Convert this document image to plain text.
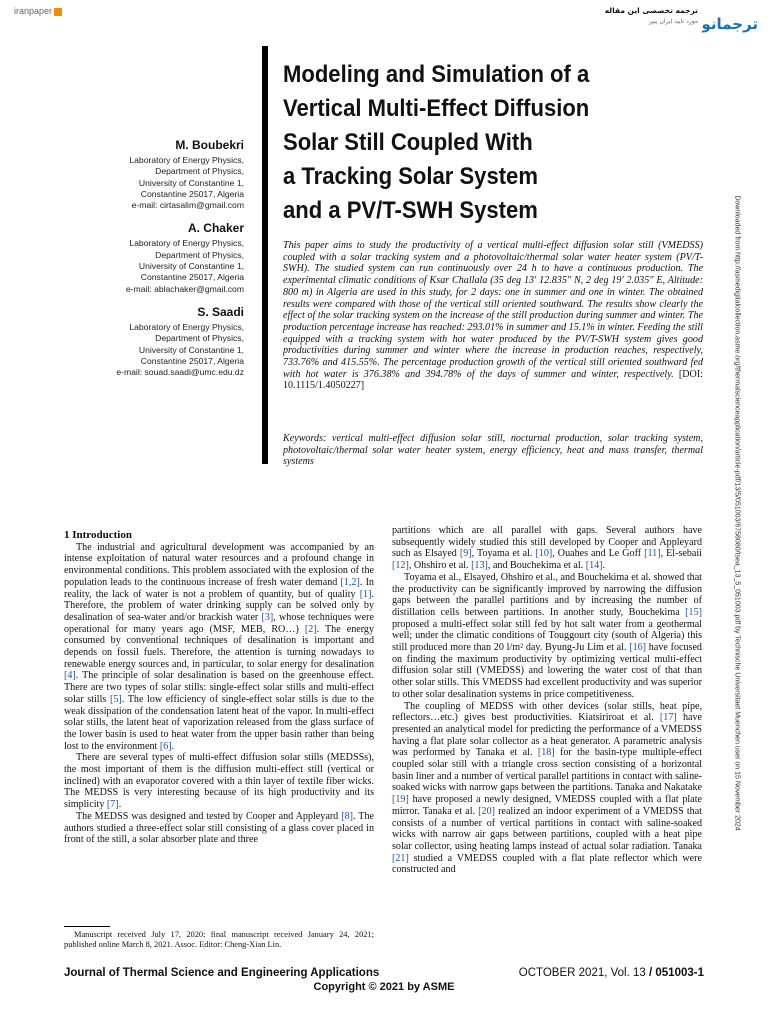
iranpaper	ترجمه تخصصی این مقاله
مورد تایید ایران پیپر ترجمانو
Modeling and Simulation of a
Vertical Multi-Effect Diffusion
Solar Still Coupled With
a Tracking Solar System
and a PV/T-SWH System
M. Boubekri
Laboratory of Energy Physics,
Department of Physics,
University of Constantine 1,
Constantine 25017, Algeria
e-mail: cirtasalim@gmail.com
A. Chaker
Laboratory of Energy Physics,
Department of Physics,
University of Constantine 1,
Constantine 25017, Algeria
e-mail: ablachaker@gmail.com
S. Saadi
Laboratory of Energy Physics,
Department of Physics,
University of Constantine 1,
Constantine 25017, Algeria
e-mail: souad.saadi@umc.edu.dz
This paper aims to study the productivity of a vertical multi-effect diffusion solar still (VMEDSS) coupled with a solar tracking system and a photovoltaic/thermal solar water heater system (PV/T-SWH). The studied system can run continuously over 24 h to have a continuous production. The experimental climatic conditions of Ksar Challala (35 deg 13′ 12.835″ N, 2 deg 19′ 2.035″ E, Altitude: 800 m) in Algeria are used in this study, for 2 days: one in summer and one in winter. The obtained results were compared with those of the vertical still oriented southward. The results show clearly the effect of the solar tracking system on the increase of the still production during summer and winter. The production percentage increase has reached: 293.01% in summer and 15.1% in winter. Feeding the still equipped with a tracking system with hot water produced by the PV/T-SWH system gives good productivities during summer and winter where the increase in production reaches, respectively, 733.76% and 415.55%. The percentage production growth of the vertical still oriented southward fed with hot water is 376.38% and 394.78% of the days of summer and winter, respectively. [DOI: 10.1115/1.4050227]
Keywords: vertical multi-effect diffusion solar still, nocturnal production, solar tracking system, photovoltaic/thermal solar water heater system, energy efficiency, heat and mass transfer, thermal systems	Downloaded from http://asmedigitalcollection.asme.org/thermalscienceapplication/article-pdf/13/5/051003/6758080/tsea_13_5_051003.pdf by Technische Universitaet Muenchen user on 15 November 2024

1 Introduction

The industrial and agricultural development was accompanied by an intense exploitation of natural water resources and a profound change in environmental conditions. This problem associated with the explosion of the population leads to the continuous increase of fresh water demand [1,2]. In reality, the lack of water is not a problem of quantity, but of quality [1]. Therefore, the problem of water drinking supply can be solved only by desalination of sea-water and/or brackish water [3], whose techniques were operational for many years ago (MSF, MEB, RO…) [2]. The energy consumed by conventional techniques of desalination is important and depends on fossil fuels. Therefore, the attention is turning nowadays to renewable energy sources and, in particular, to solar energy for desalination [4]. The principle of solar desalination is based on the greenhouse effect. There are two types of solar stills: single-effect solar stills and multi-effect solar stills [5]. The low efficiency of single-effect solar stills is due to the weak dissipation of the condensation latent heat of the vapor. In multi-effect solar stills, the latent heat of vaporization released from the glass surface of the lower basin is used to heat water from the upper basin rather than being lost to the environment [6].

There are several types of multi-effect diffusion solar stills (MEDSSs), the most important of them is the diffusion multi-effect still (vertical or inclined) with an evaporator covered with a thin layer of textile fiber wicks. The MEDSS is very interesting because of its high productivity and its simplicity [7].

The MEDSS was designed and tested by Cooper and Appleyard [8]. The authors studied a three-effect solar still consisting of a glass cover placed in front of the still, a solar absorber plate and three

Manuscript received July 17, 2020; final manuscript received January 24, 2021; published online March 8, 2021. Assoc. Editor: Cheng-Xian Lin.

partitions which are all parallel with gaps. Several authors have subsequently widely studied this still developed by Cooper and Appleyard such as Elsayed [9], Toyama et al. [10], Ouahes and Le Goff [11], El-sebaii [12], Ohshiro et al. [13], and Bouchekima et al. [14].

Toyama et al., Elsayed, Ohshiro et al., and Bouchekima et al. showed that the productivity can be significantly improved by narrowing the diffusion gaps between the parallel partitions and by increasing the number of distillation cells between partitions. In another study, Bouchekima [15] proposed a multi-effect solar still fed by hot salt water from a geothermal well; under the climatic conditions of Touggourt city (south of Algeria) this still produced more than 20 l/m² day. Byung-Ju Lim et al. [16] have focused on finding the maximum productivity by optimizing vertical multi-effect diffusion solar still (VMEDSS) and lowering the water cost of that than other solar stills. This VMEDSS had excellent productivity and was superior to other solar desalination systems in price competitiveness.

The coupling of MEDSS with other devices (solar stills, heat pipe, reflectors…etc.) gives best productivities. Kiatsiriroat et al. [17] have presented an analytical model for predicting the performance of a VMEDSS having a flat plate solar collector as a heat generator. A parametric analysis was performed by Tanaka et al. [18] for the basin-type multiple-effect coupled solar still with a triangle cross section consisting of a horizontal basin liner and a number of vertical parallel partitions in contact with saline-soaked wicks with narrow gaps between the partitions. Tanaka and Nakatake [19] have proposed a newly designed, VMEDSS coupled with a flat plate mirror. Tanaka et al. [20] realized an indoor experiment of a VMEDSS that consists of a number of vertical partitions in contact with saline-soaked wicks with narrow air gaps between partitions, coupled with a heat pipe solar collector, using heating lamps instead of actual solar radiation. Tanaka [21] studied a VMEDSS coupled with a flat plate reflector which were constructed and

Journal of Thermal Science and Engineering Applications	OCTOBER 2021, Vol. 13 / 051003-1
Copyright © 2021 by ASME
